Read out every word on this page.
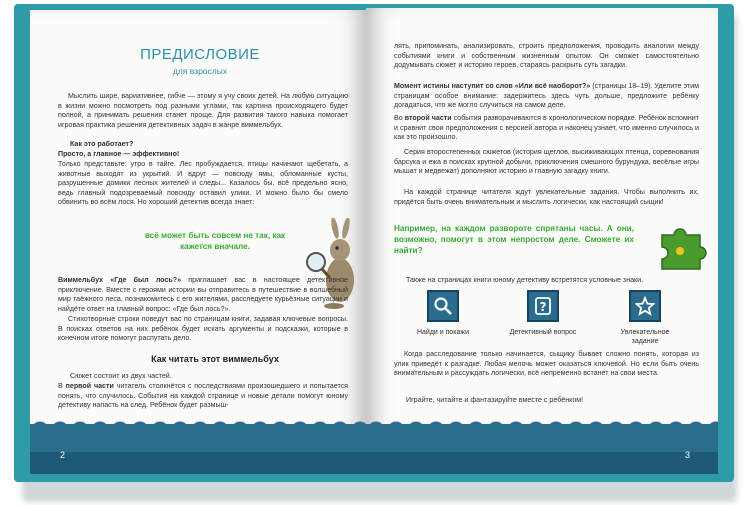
ПРЕДИСЛОВИЕ
для взрослых
Мыслить шире, вариативнее, гибче — этому я учу своих детей. На любую ситуацию в жизни можно посмотреть под разными углами, так картина происходящего будет полной, а принимать решения станет проще. Для развития такого навыка помогает игровая практика решения детективных задач в жанре виммельбух.
Как это работает?
Просто, а главное — эффективно!
Только представьте: утро в тайге. Лес пробуждается, птицы начинают щебетать, а животные выходят из укрытий. И вдруг — повсюду ямы, обломанные кусты, разрушенные домики лесных жителей и следы... Казалось бы, всё предельно ясно, ведь главный подозреваемый повсюду оставил улики. И можно было бы смело обвинить во всём лося. Но хороший детектив всегда знает:
всё может быть совсем не так, как кажется вначале.
Виммельбух «Где был лось?» приглашает вас в настоящее детективное приключение. Вместе с героями истории вы отправитесь в путешествие в волшебный мир таёжного леса, познакомитесь с его жителями, расследуете курьёзные ситуации и найдёте ответ на главный вопрос: «Где был лось?».
Стихотворные строки поведут вас по страницам книги, задавая ключевые вопросы. В поисках ответов на них ребёнок будет искать аргументы и подсказки, которые в конечном итоге помогут распутать дело.
Как читать этот виммельбух
Сюжет состоит из двух частей.
В первой части читатель столкнётся с последствиями произошедшего и попытается понять, что случилось. События на каждой странице и новые детали помогут юному детективу напасть на след. Ребёнок будет размыш-
2
лять, припоминать, анализировать, строить предположения, проводить аналогии между событиями книги и собственным жизненным опытом. Он сможет самостоятельно додумывать сюжет и историю героев, стараясь раскрыть суть загадки.
Момент истины наступит со слов «Или всё наоборот?» (страницы 18–19). Уделите этим страницам особое внимание: задержитесь здесь чуть дольше, предложите ребёнку догадаться, что же могло случиться на самом деле.
Во второй части события разворачиваются в хронологическом порядке. Ребёнок вспомнит и сравнит свои предположения с версией автора и наконец узнает, что именно случилось и как это произошло.
Серия второстепенных сюжетов (история щеглов, высиживающих птенца, соревнования барсука и ежа в поисках крупной добычи, приключения смешного бурундука, весёлые игры мышат и медвежат) дополняют историю и главную загадку книги.
На каждой странице читателя ждут увлекательные задания. Чтобы выполнить их, придётся быть очень внимательным и мыслить логически, как настоящий сыщик!
Например, на каждом развороте спрятаны часы. А они, возможно, помогут в этом непростом деле. Сможете их найти?
Также на страницах книги юному детективу встретятся условные знаки.
Найди и покажи
?
Детективный вопрос	Увлекательное задание
Когда расследование только начинается, сыщику бывает сложно понять, которая из улик приведёт к разгадке. Любая мелочь может оказаться ключевой. Но если быть очень внимательным и рассуждать логически, всё непременно встанет на свои места.
Играйте, читайте и фантазируйте вместе с ребёнком!
3
